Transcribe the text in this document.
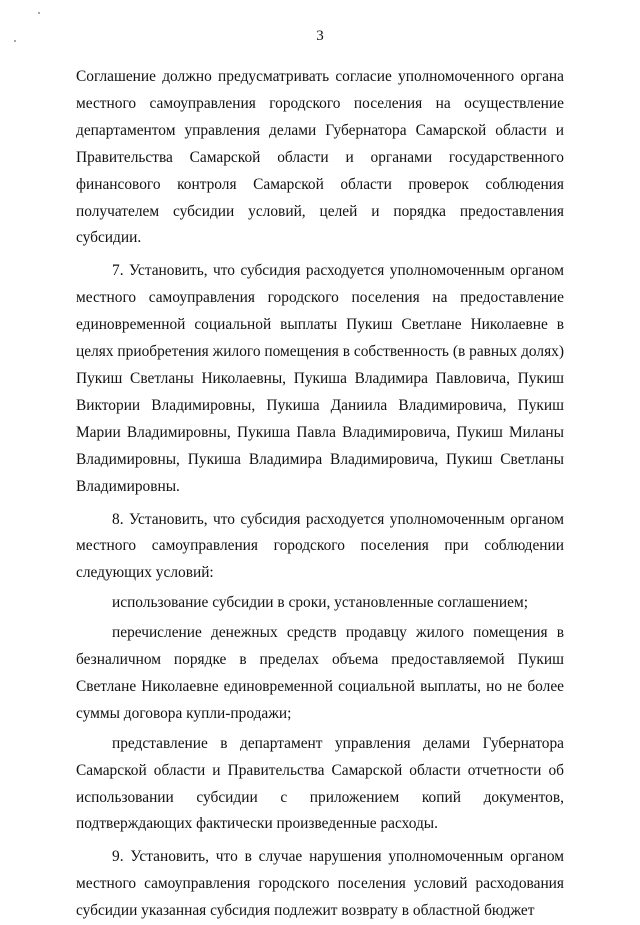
3

Соглашение должно предусматривать согласие уполномоченного органа местного самоуправления городского поселения на осуществление департаментом управления делами Губернатора Самарской области и Правительства Самарской области и органами государственного финансового контроля Самарской области проверок соблюдения получателем субсидии условий, целей и порядка предоставления субсидии.

7. Установить, что субсидия расходуется уполномоченным органом местного самоуправления городского поселения на предоставление единовременной социальной выплаты Пукиш Светлане Николаевне в целях приобретения жилого помещения в собственность (в равных долях) Пукиш Светланы Николаевны, Пукиша Владимира Павловича, Пукиш Виктории Владимировны, Пукиша Даниила Владимировича, Пукиш Марии Владимировны, Пукиша Павла Владимировича, Пукиш Миланы Владимировны, Пукиша Владимира Владимировича, Пукиш Светланы Владимировны.

8. Установить, что субсидия расходуется уполномоченным органом местного самоуправления городского поселения при соблюдении следующих условий:

использование субсидии в сроки, установленные соглашением;

перечисление денежных средств продавцу жилого помещения в безналичном порядке в пределах объема предоставляемой Пукиш Светлане Николаевне единовременной социальной выплаты, но не более суммы договора купли-продажи;

представление в департамент управления делами Губернатора Самарской области и Правительства Самарской области отчетности об использовании субсидии с приложением копий документов, подтверждающих фактически произведенные расходы.

9. Установить, что в случае нарушения уполномоченным органом местного самоуправления городского поселения условий расходования субсидии указанная субсидия подлежит возврату в областной бюджет
